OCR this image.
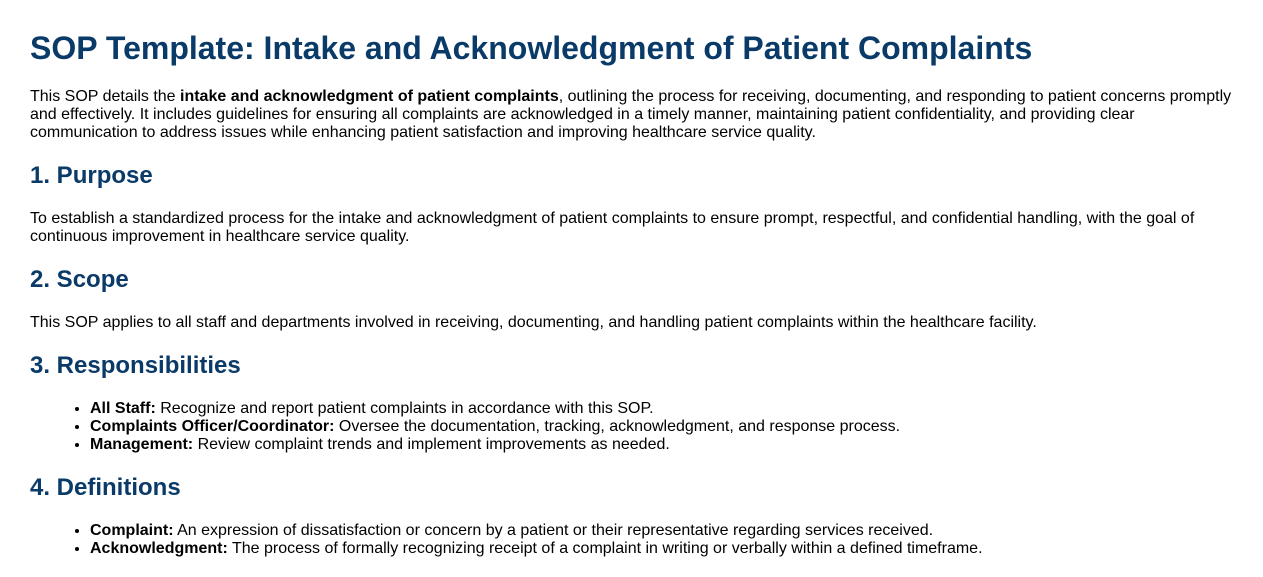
SOP Template: Intake and Acknowledgment of Patient Complaints

This SOP details the intake and acknowledgment of patient complaints, outlining the process for receiving, documenting, and responding to patient concerns promptly and effectively. It includes guidelines for ensuring all complaints are acknowledged in a timely manner, maintaining patient confidentiality, and providing clear communication to address issues while enhancing patient satisfaction and improving healthcare service quality.

1. Purpose

To establish a standardized process for the intake and acknowledgment of patient complaints to ensure prompt, respectful, and confidential handling, with the goal of continuous improvement in healthcare service quality.

2. Scope

This SOP applies to all staff and departments involved in receiving, documenting, and handling patient complaints within the healthcare facility.

3. Responsibilities
• All Staff: Recognize and report patient complaints in accordance with this SOP.
• Complaints Officer/Coordinator: Oversee the documentation, tracking, acknowledgment, and response process.
• Management: Review complaint trends and implement improvements as needed.
4. Definitions
• Complaint: An expression of dissatisfaction or concern by a patient or their representative regarding services received.
• Acknowledgment: The process of formally recognizing receipt of a complaint in writing or verbally within a defined timeframe.
